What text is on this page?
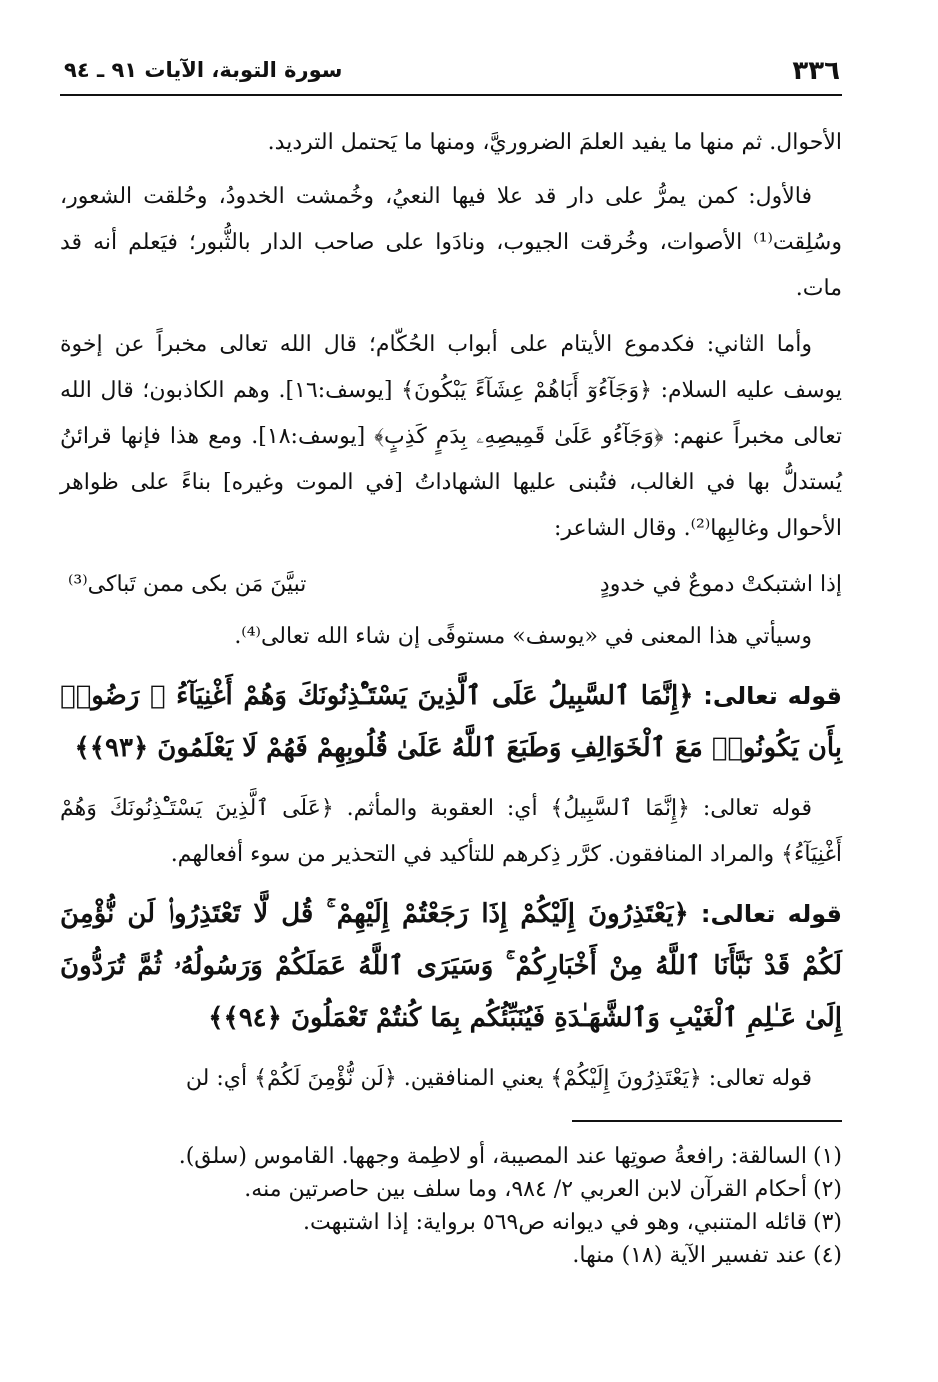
٣٣٦
سورة التوبة، الآيات ٩١ ـ ٩٤

الأحوال. ثم منها ما يفيد العلمَ الضروريَّ، ومنها ما يَحتمل الترديد.

فالأول: كمن يمرُّ على دار قد علا فيها النعيُ، وخُمشت الخدودُ، وحُلقت الشعور، وسُلِقت⁽¹⁾ الأصوات، وخُرقت الجيوب، ونادَوا على صاحب الدار بالثُّبور؛ فيَعلم أنه قد مات.

وأما الثاني: فكدموع الأيتام على أبواب الحُكّام؛ قال الله تعالى مخبراً عن إخوة يوسف عليه السلام: ﴿وَجَآءُوٓ أَبَاهُمْ عِشَآءً يَبْكُونَ﴾ [يوسف:١٦]. وهم الكاذبون؛ قال الله تعالى مخبراً عنهم: ﴿وَجَآءُو عَلَىٰ قَمِيصِهِۦ بِدَمٍ كَذِبٍ﴾ [يوسف:١٨]. ومع هذا فإنها قرائنُ يُستدلُّ بها في الغالب، فتُبنى عليها الشهاداتُ [في الموت وغيره] بناءً على ظواهر الأحوال وغالبِها⁽²⁾. وقال الشاعر:

إذا اشتبكتْ دموعٌ في خدودٍ
تبيَّنَ مَن بكى ممن تَباكى⁽³⁾

وسيأتي هذا المعنى في «يوسف» مستوفًى إن شاء الله تعالى⁽⁴⁾.

قوله تعالى: ﴿إِنَّمَا ٱلسَّبِيلُ عَلَى ٱلَّذِينَ يَسْتَـْٔذِنُونَكَ وَهُمْ أَغْنِيَآءُ ۚ رَضُوا۟ بِأَن يَكُونُوا۟ مَعَ ٱلْخَوَالِفِ وَطَبَعَ ٱللَّهُ عَلَىٰ قُلُوبِهِمْ فَهُمْ لَا يَعْلَمُونَ ﴿٩٣﴾﴾

قوله تعالى: ﴿إِنَّمَا ٱلسَّبِيلُ﴾ أي: العقوبة والمأثم. ﴿عَلَى ٱلَّذِينَ يَسْتَـْٔذِنُونَكَ وَهُمْ أَغْنِيَآءُ﴾ والمراد المنافقون. كرَّر ذِكرهم للتأكيد في التحذير من سوء أفعالهم.

قوله تعالى: ﴿يَعْتَذِرُونَ إِلَيْكُمْ إِذَا رَجَعْتُمْ إِلَيْهِمْ ۚ قُل لَّا تَعْتَذِرُوا۟ لَن نُّؤْمِنَ لَكُمْ قَدْ نَبَّأَنَا ٱللَّهُ مِنْ أَخْبَارِكُمْ ۚ وَسَيَرَى ٱللَّهُ عَمَلَكُمْ وَرَسُولُهُۥ ثُمَّ تُرَدُّونَ إِلَىٰ عَـٰلِمِ ٱلْغَيْبِ وَٱلشَّهَـٰدَةِ فَيُنَبِّئُكُم بِمَا كُنتُمْ تَعْمَلُونَ ﴿٩٤﴾﴾

قوله تعالى: ﴿يَعْتَذِرُونَ إِلَيْكُمْ﴾ يعني المنافقين. ﴿لَن نُّؤْمِنَ لَكُمْ﴾ أي: لن

(١)السالقة: رافعةُ صوتِها عند المصيبة، أو لاطِمة وجهها. القاموس (سلق).

(٢)أحكام القرآن لابن العربي ٢/ ٩٨٤، وما سلف بين حاصرتين منه.

(٣)قائله المتنبي، وهو في ديوانه ص٥٦٩ برواية: إذا اشتبهت.

(٤)عند تفسير الآية (١٨) منها.
